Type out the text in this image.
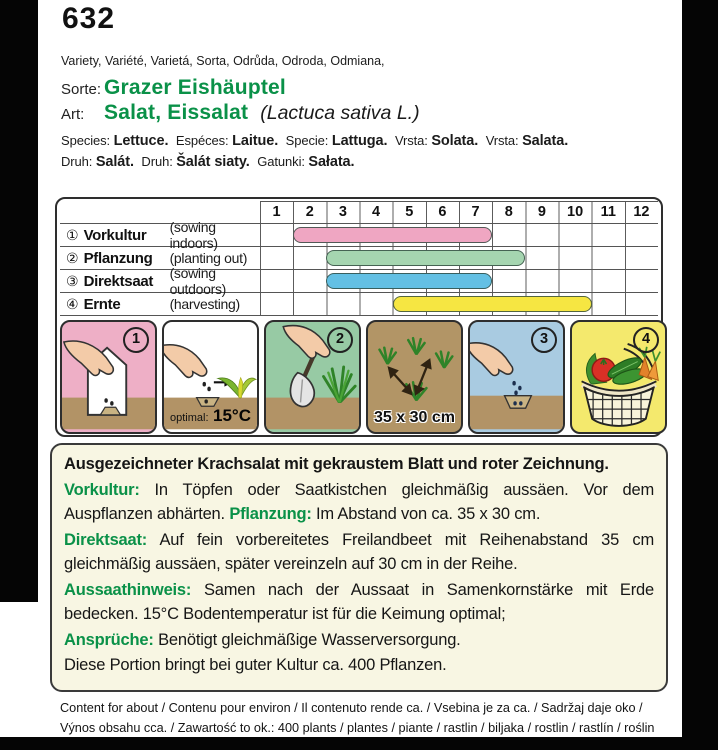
632
Variety, Variété, Varietá, Sorta, Odrůda, Odroda, Odmiana,
Sorte: Grazer Eishäuptel
Art: Salat, Eissalat (Lactuca sativa L.)
Species: Lettuce. Espéces: Laitue. Specie: Lattuga. Vrsta: Solata. Vrsta: Salata.
Druh: Salát. Druh: Šalát siaty. Gatunki: Sałata.
1	2	3	4	5	6	7	8	9	10	11	12
① Vorkultur	(sowing indoors)
② Pflanzung	(planting out)
③ Direktsaat	(sowing outdoors)
④ Ernte	(harvesting)
1
optimal: 15°C
2
35 x 30 cm
3	4

Ausgezeichneter Krachsalat mit gekraustem Blatt und roter Zeichnung.

Vorkultur: In Töpfen oder Saatkistchen gleichmäßig aussäen. Vor dem Auspflanzen abhärten. Pflanzung: Im Abstand von ca. 35 x 30 cm.

Direktsaat: Auf fein vorbereitetes Freilandbeet mit Reihenabstand 35 cm gleichmäßig aussäen, später vereinzeln auf 30 cm in der Reihe.

Aussaathinweis: Samen nach der Aussaat in Samenkornstärke mit Erde bedecken. 15°C Bodentemperatur ist für die Keimung optimal;

Ansprüche: Benötigt gleichmäßige Wasserversorgung.

Diese Portion bringt bei guter Kultur ca. 400 Pflanzen.

Content for about / Contenu pour environ / Il contenuto rende ca. / Vsebina je za ca. / Sadržaj daje oko /
Výnos obsahu cca. / Zawartość to ok.: 400 plants / plantes / piante / rastlin / biljaka / rostlin / rastlín / roślin
